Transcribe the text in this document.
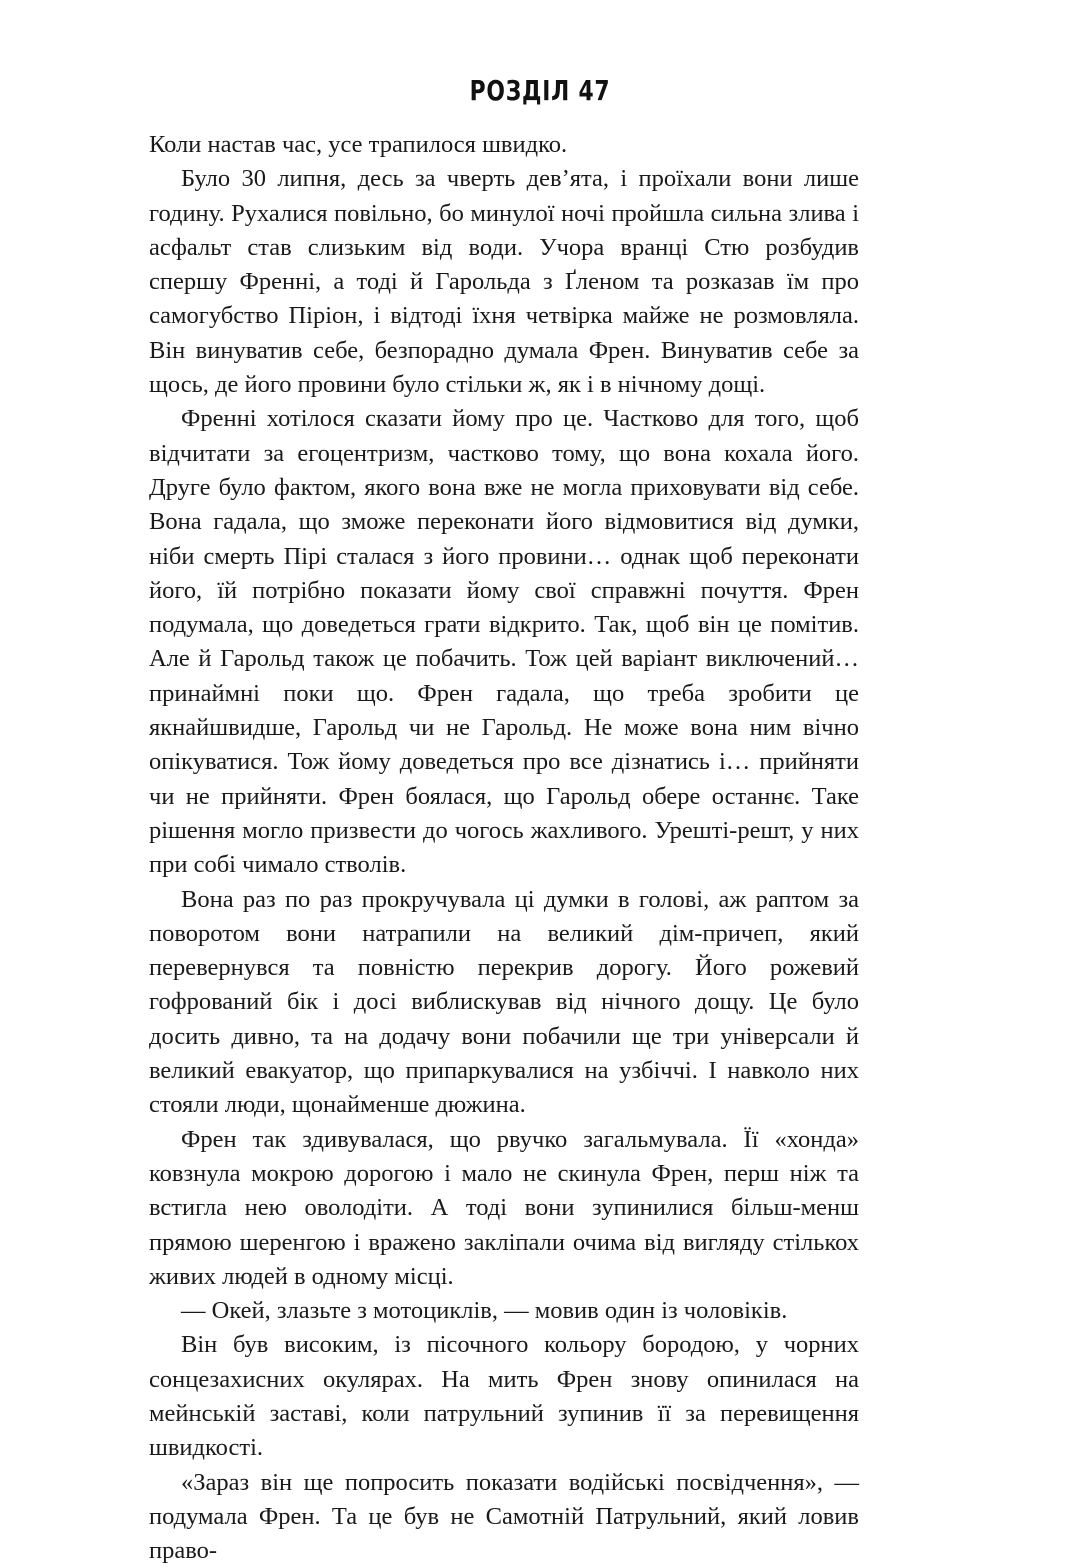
РОЗДІЛ 47

Коли настав час, усе трапилося швидко.

Було 30 липня, десь за чверть дев’ята, і проїхали вони лише годину. Рухалися повільно, бо минулої ночі пройшла сильна злива і асфальт став слизьким від води. Учора вранці Стю розбудив спершу Френні, а тоді й Гарольда з Ґленом та розказав їм про самогубство Піріон, і відтоді їхня четвірка майже не розмовляла. Він винуватив себе, безпорадно думала Френ. Винуватив себе за щось, де його провини було стільки ж, як і в нічному дощі.

Френні хотілося сказати йому про це. Частково для того, щоб відчитати за егоцентризм, частково тому, що вона кохала його. Друге було фактом, якого вона вже не могла приховувати від себе. Вона гадала, що зможе переконати його відмовитися від думки, ніби смерть Пірі сталася з його провини… однак щоб переконати його, їй потрібно показати йому свої справжні почуття. Френ подумала, що доведеться грати відкрито. Так, щоб він це помітив. Але й Гарольд також це побачить. Тож цей варіант виключений… принаймні поки що. Френ гадала, що треба зробити це якнайшвидше, Гарольд чи не Гарольд. Не може вона ним вічно опікуватися. Тож йому доведеться про все дізнатись і… прийняти чи не прийняти. Френ боялася, що Гарольд обере останнє. Таке рішення могло призвести до чогось жахливого. Урешті-решт, у них при собі чимало стволів.

Вона раз по раз прокручувала ці думки в голові, аж раптом за поворотом вони натрапили на великий дім-причеп, який перевернувся та повністю перекрив дорогу. Його рожевий гофрований бік і досі виблискував від нічного дощу. Це було досить дивно, та на додачу вони побачили ще три універсали й великий евакуатор, що припаркувалися на узбіччі. І навколо них стояли люди, щонайменше дюжина.

Френ так здивувалася, що рвучко загальмувала. Її «хонда» ковзнула мокрою дорогою і мало не скинула Френ, перш ніж та встигла нею оволодіти. А тоді вони зупинилися більш-менш прямою шеренгою і вражено закліпали очима від вигляду стількох живих людей в одному місці.

— Окей, злазьте з мотоциклів, — мовив один із чоловіків.

Він був високим, із пісочного кольору бородою, у чорних сонцезахисних окулярах. На мить Френ знову опинилася на мейнській заставі, коли патрульний зупинив її за перевищення швидкості.

«Зараз він ще попросить показати водійські посвідчення», — подумала Френ. Та це був не Самотній Патрульний, який ловив право-
